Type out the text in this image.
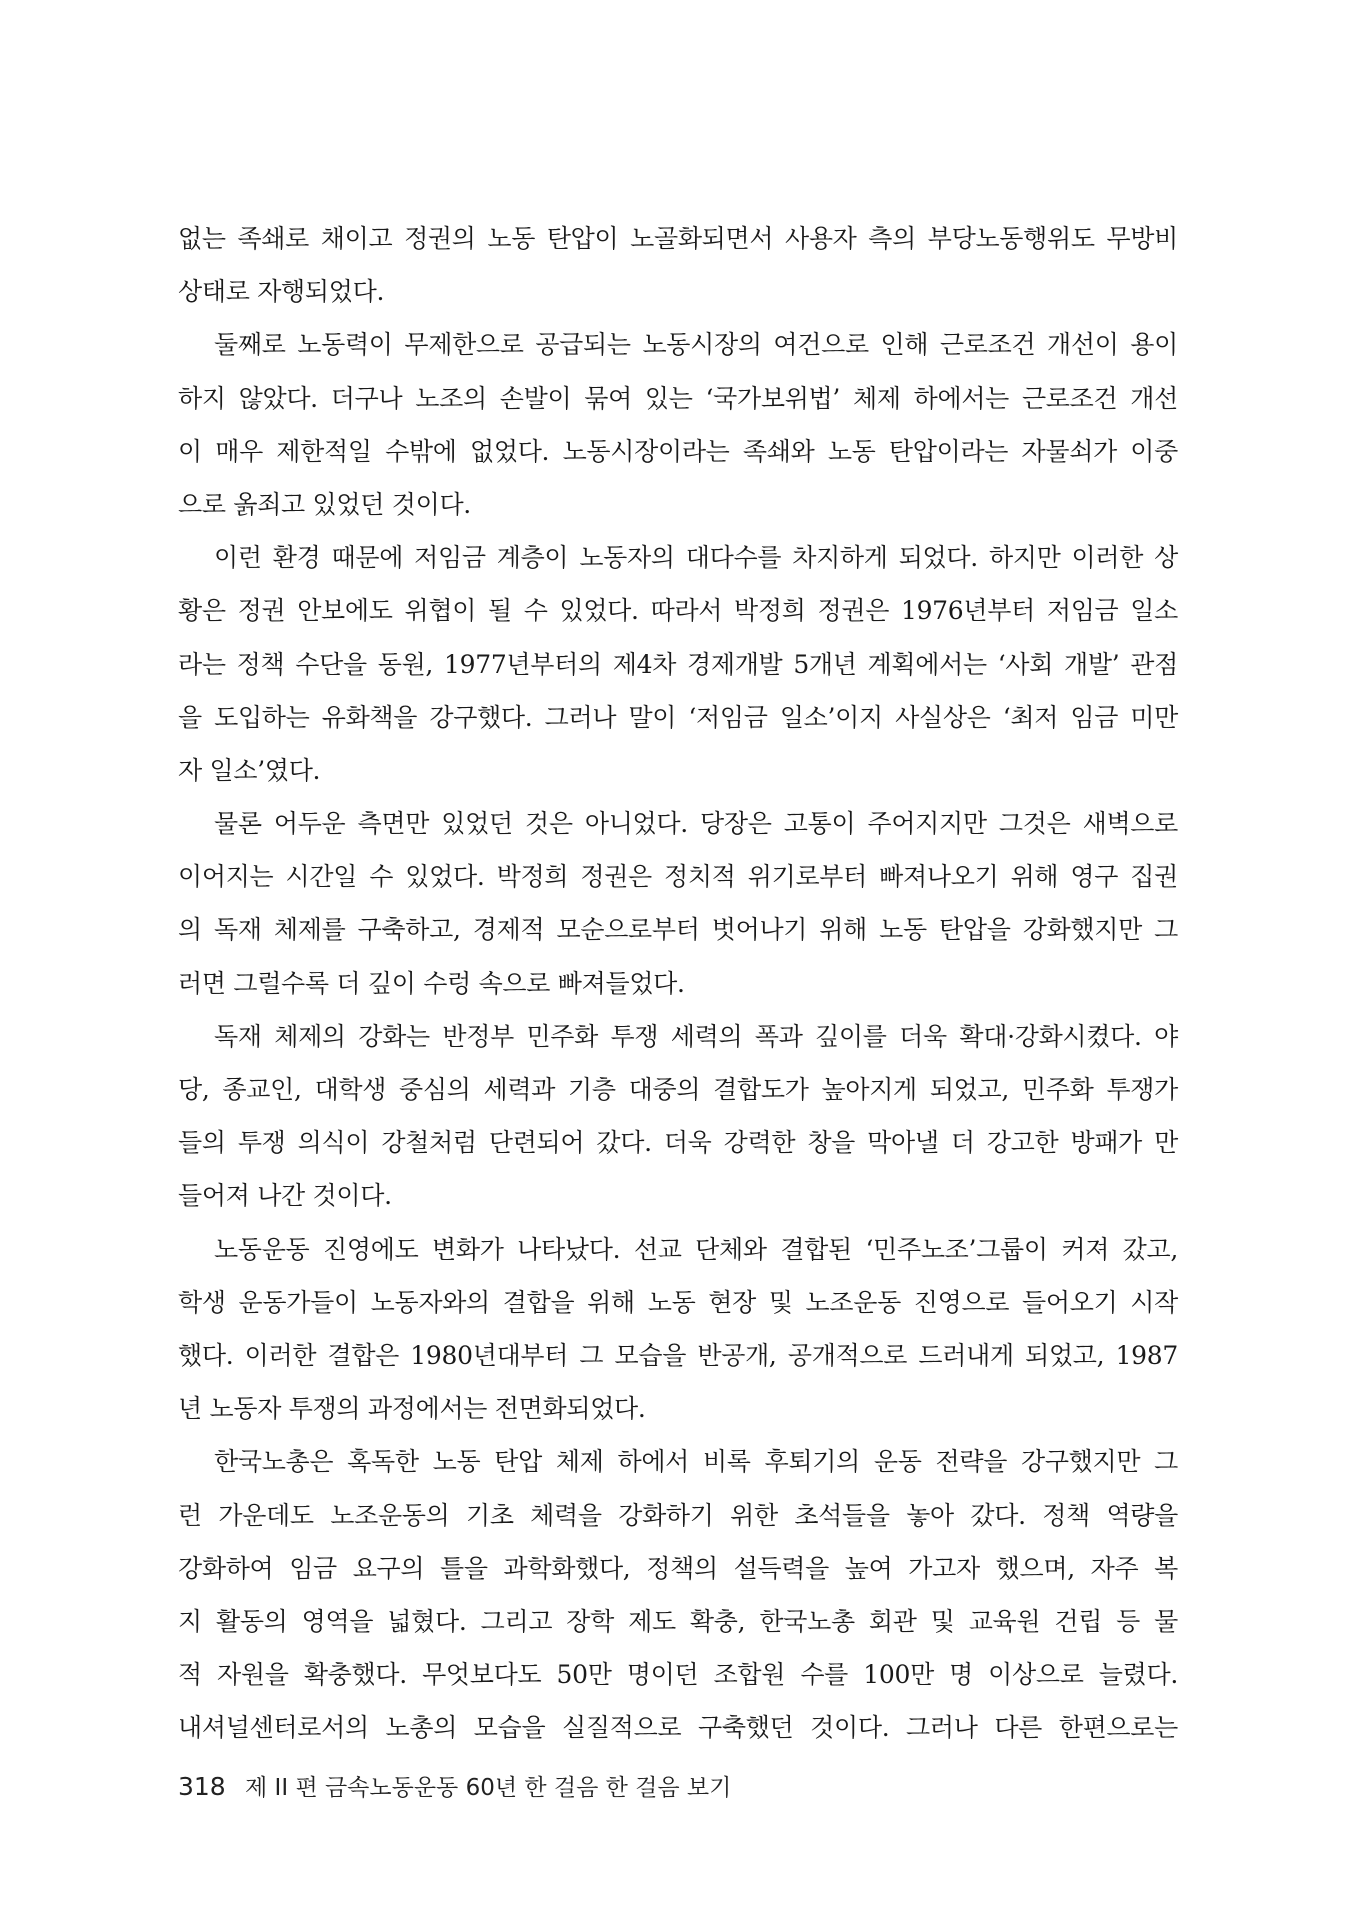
없는 족쇄로 채이고 정권의 노동 탄압이 노골화되면서 사용자 측의 부당노동행위도 무방비
상태로 자행되었다.
둘째로 노동력이 무제한으로 공급되는 노동시장의 여건으로 인해 근로조건 개선이 용이
하지 않았다. 더구나 노조의 손발이 묶여 있는 ‘국가보위법’ 체제 하에서는 근로조건 개선
이 매우 제한적일 수밖에 없었다. 노동시장이라는 족쇄와 노동 탄압이라는 자물쇠가 이중
으로 옭죄고 있었던 것이다.
이런 환경 때문에 저임금 계층이 노동자의 대다수를 차지하게 되었다. 하지만 이러한 상
황은 정권 안보에도 위협이 될 수 있었다. 따라서 박정희 정권은 1976년부터 저임금 일소
라는 정책 수단을 동원, 1977년부터의 제4차 경제개발 5개년 계획에서는 ‘사회 개발’ 관점
을 도입하는 유화책을 강구했다. 그러나 말이 ‘저임금 일소’이지 사실상은 ‘최저 임금 미만
자 일소’였다.
물론 어두운 측면만 있었던 것은 아니었다. 당장은 고통이 주어지지만 그것은 새벽으로
이어지는 시간일 수 있었다. 박정희 정권은 정치적 위기로부터 빠져나오기 위해 영구 집권
의 독재 체제를 구축하고, 경제적 모순으로부터 벗어나기 위해 노동 탄압을 강화했지만 그
러면 그럴수록 더 깊이 수렁 속으로 빠져들었다.
독재 체제의 강화는 반정부 민주화 투쟁 세력의 폭과 깊이를 더욱 확대·강화시켰다. 야
당, 종교인, 대학생 중심의 세력과 기층 대중의 결합도가 높아지게 되었고, 민주화 투쟁가
들의 투쟁 의식이 강철처럼 단련되어 갔다. 더욱 강력한 창을 막아낼 더 강고한 방패가 만
들어져 나간 것이다.
노동운동 진영에도 변화가 나타났다. 선교 단체와 결합된 ‘민주노조’그룹이 커져 갔고,
학생 운동가들이 노동자와의 결합을 위해 노동 현장 및 노조운동 진영으로 들어오기 시작
했다. 이러한 결합은 1980년대부터 그 모습을 반공개, 공개적으로 드러내게 되었고, 1987
년 노동자 투쟁의 과정에서는 전면화되었다.
한국노총은 혹독한 노동 탄압 체제 하에서 비록 후퇴기의 운동 전략을 강구했지만 그
런 가운데도 노조운동의 기초 체력을 강화하기 위한 초석들을 놓아 갔다. 정책 역량을
강화하여 임금 요구의 틀을 과학화했다, 정책의 설득력을 높여 가고자 했으며, 자주 복
지 활동의 영역을 넓혔다. 그리고 장학 제도 확충, 한국노총 회관 및 교육원 건립 등 물
적 자원을 확충했다. 무엇보다도 50만 명이던 조합원 수를 100만 명 이상으로 늘렸다.
내셔널센터로서의 노총의 모습을 실질적으로 구축했던 것이다. 그러나 다른 한편으로는
318 제 II 편 금속노동운동 60년 한 걸음 한 걸음 보기
